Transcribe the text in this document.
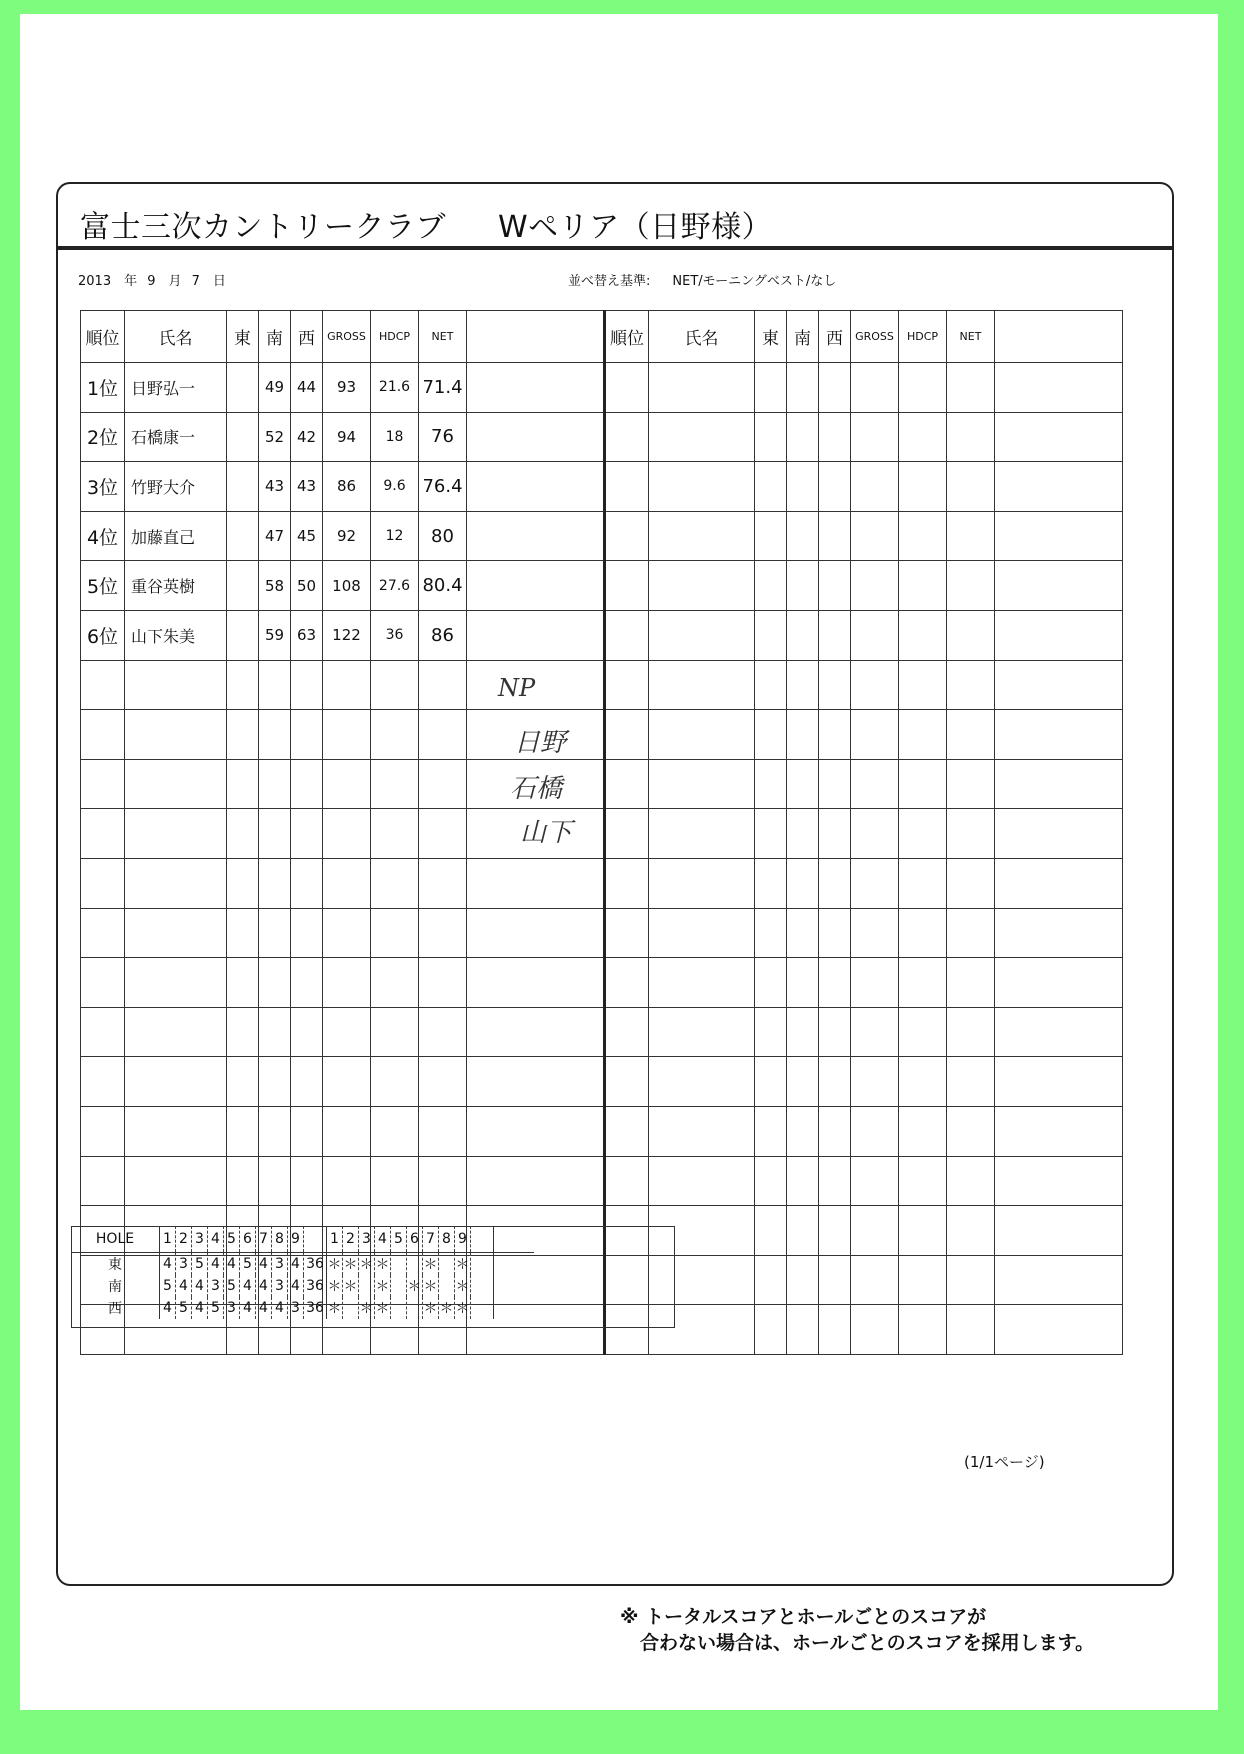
富士三次カントリークラブ Wペリア（日野様）
2013　年 9　月 7　日	並べ替え基準: NET/モーニングベスト/なし
順位	氏名	東	南	西	GROSS	HDCP	NET		順位	氏名	東	南	西	GROSS	HDCP	NET	
1位	日野弘一		49	44	93	21.6	71.4										
2位	石橋康一		52	42	94	18	76										
3位	竹野大介		43	43	86	9.6	76.4										
4位	加藤直己		47	45	92	12	80										
5位	重谷英樹		58	50	108	27.6	80.4										
6位	山下朱美		59	63	122	36	86										

NP
日野
石橋
山下
(1/1ページ)
HOLE	1	2	3	4	5	6	7	8	9		1	2	3	4	5	6	7	8	9		
東	4	3	5	4	4	5	4	3	4	36	＊	＊	＊	＊			＊		＊		
南	5	4	4	3	5	4	4	3	4	36	＊	＊		＊		＊	＊		＊		
西	4	5	4	5	3	4	4	4	3	36	＊		＊	＊			＊	＊	＊		
※ トータルスコアとホールごとのスコアが
合わない場合は、ホールごとのスコアを採用します。
